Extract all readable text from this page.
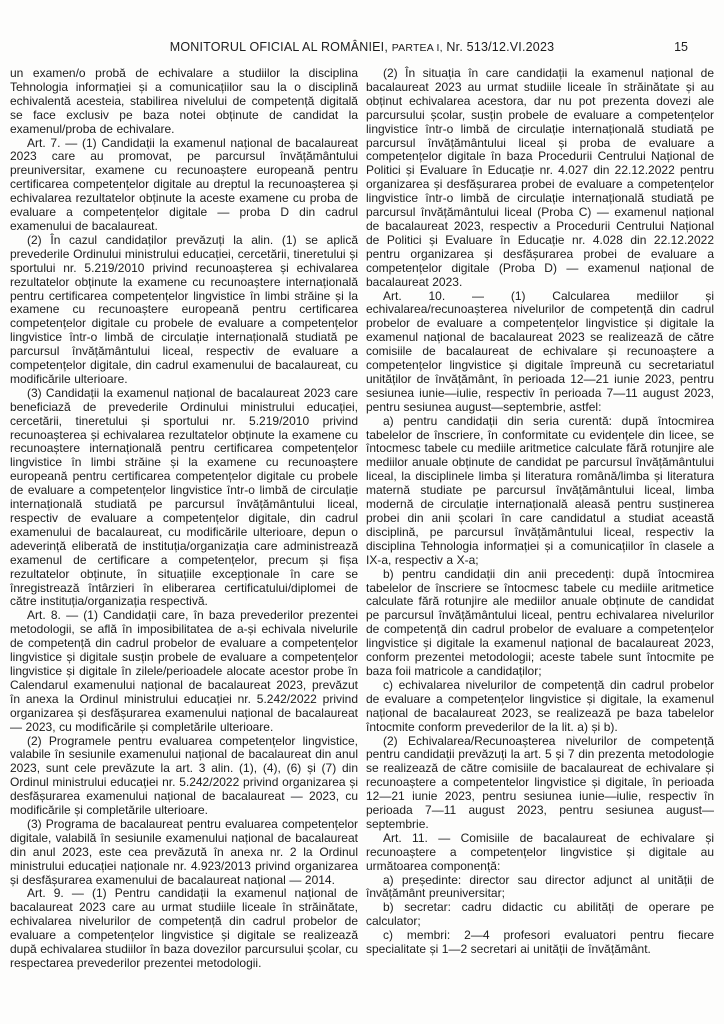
MONITORUL OFICIAL AL ROMÂNIEI, PARTEA I, Nr. 513/12.VI.2023	15

un examen/o probă de echivalare a studiilor la disciplina Tehnologia informației și a comunicațiilor sau la o disciplină echivalentă acesteia, stabilirea nivelului de competență digitală se face exclusiv pe baza notei obținute de candidat la examenul/proba de echivalare.

Art. 7. — (1) Candidații la examenul național de bacalaureat 2023 care au promovat, pe parcursul învățământului preuniversitar, examene cu recunoaștere europeană pentru certificarea competențelor digitale au dreptul la recunoașterea și echivalarea rezultatelor obținute la aceste examene cu proba de evaluare a competențelor digitale — proba D din cadrul examenului de bacalaureat.

(2) În cazul candidaților prevăzuți la alin. (1) se aplică prevederile Ordinului ministrului educației, cercetării, tineretului și sportului nr. 5.219/2010 privind recunoașterea și echivalarea rezultatelor obținute la examene cu recunoaștere internațională pentru certificarea competențelor lingvistice în limbi străine și la examene cu recunoaștere europeană pentru certificarea competențelor digitale cu probele de evaluare a competențelor lingvistice într-o limbă de circulație internațională studiată pe parcursul învățământului liceal, respectiv de evaluare a competențelor digitale, din cadrul examenului de bacalaureat, cu modificările ulterioare.

(3) Candidații la examenul național de bacalaureat 2023 care beneficiază de prevederile Ordinului ministrului educației, cercetării, tineretului și sportului nr. 5.219/2010 privind recunoașterea și echivalarea rezultatelor obținute la examene cu recunoaștere internațională pentru certificarea competențelor lingvistice în limbi străine și la examene cu recunoaștere europeană pentru certificarea competențelor digitale cu probele de evaluare a competențelor lingvistice într-o limbă de circulație internațională studiată pe parcursul învățământului liceal, respectiv de evaluare a competențelor digitale, din cadrul examenului de bacalaureat, cu modificările ulterioare, depun o adeverință eliberată de instituția/organizația care administrează examenul de certificare a competențelor, precum și fișa rezultatelor obținute, în situațiile excepționale în care se înregistrează întârzieri în eliberarea certificatului/diplomei de către instituția/organizația respectivă.

Art. 8. — (1) Candidații care, în baza prevederilor prezentei metodologii, se află în imposibilitatea de a-și echivala nivelurile de competență din cadrul probelor de evaluare a competențelor lingvistice și digitale susțin probele de evaluare a competențelor lingvistice și digitale în zilele/perioadele alocate acestor probe în Calendarul examenului național de bacalaureat 2023, prevăzut în anexa la Ordinul ministrului educației nr. 5.242/2022 privind organizarea și desfășurarea examenului național de bacalaureat — 2023, cu modificările și completările ulterioare.

(2) Programele pentru evaluarea competențelor lingvistice, valabile în sesiunile examenului național de bacalaureat din anul 2023, sunt cele prevăzute la art. 3 alin. (1), (4), (6) și (7) din Ordinul ministrului educației nr. 5.242/2022 privind organizarea și desfășurarea examenului național de bacalaureat — 2023, cu modificările și completările ulterioare.

(3) Programa de bacalaureat pentru evaluarea competențelor digitale, valabilă în sesiunile examenului național de bacalaureat din anul 2023, este cea prevăzută în anexa nr. 2 la Ordinul ministrului educației naționale nr. 4.923/2013 privind organizarea și desfășurarea examenului de bacalaureat național — 2014.

Art. 9. — (1) Pentru candidații la examenul național de bacalaureat 2023 care au urmat studiile liceale în străinătate, echivalarea nivelurilor de competență din cadrul probelor de evaluare a competențelor lingvistice și digitale se realizează după echivalarea studiilor în baza dovezilor parcursului școlar, cu respectarea prevederilor prezentei metodologii.

(2) În situația în care candidații la examenul național de bacalaureat 2023 au urmat studiile liceale în străinătate și au obținut echivalarea acestora, dar nu pot prezenta dovezi ale parcursului școlar, susțin probele de evaluare a competențelor lingvistice într-o limbă de circulație internațională studiată pe parcursul învățământului liceal și proba de evaluare a competențelor digitale în baza Procedurii Centrului Național de Politici și Evaluare în Educație nr. 4.027 din 22.12.2022 pentru organizarea și desfășurarea probei de evaluare a competențelor lingvistice într-o limbă de circulație internațională studiată pe parcursul învățământului liceal (Proba C) — examenul național de bacalaureat 2023, respectiv a Procedurii Centrului Național de Politici și Evaluare în Educație nr. 4.028 din 22.12.2022 pentru organizarea și desfășurarea probei de evaluare a competențelor digitale (Proba D) — examenul național de bacalaureat 2023.

Art. 10. — (1) Calcularea mediilor și echivalarea/recunoașterea nivelurilor de competență din cadrul probelor de evaluare a competențelor lingvistice și digitale la examenul național de bacalaureat 2023 se realizează de către comisiile de bacalaureat de echivalare și recunoaștere a competențelor lingvistice și digitale împreună cu secretariatul unităților de învățământ, în perioada 12—21 iunie 2023, pentru sesiunea iunie—iulie, respectiv în perioada 7—11 august 2023, pentru sesiunea august—septembrie, astfel:

a) pentru candidații din seria curentă: după întocmirea tabelelor de înscriere, în conformitate cu evidențele din licee, se întocmesc tabele cu mediile aritmetice calculate fără rotunjire ale mediilor anuale obținute de candidat pe parcursul învățământului liceal, la disciplinele limba și literatura română/limba și literatura maternă studiate pe parcursul învățământului liceal, limba modernă de circulație internațională aleasă pentru susținerea probei din anii școlari în care candidatul a studiat această disciplină, pe parcursul învățământului liceal, respectiv la disciplina Tehnologia informației și a comunicațiilor în clasele a IX-a, respectiv a X-a;

b) pentru candidații din anii precedenți: după întocmirea tabelelor de înscriere se întocmesc tabele cu mediile aritmetice calculate fără rotunjire ale mediilor anuale obținute de candidat pe parcursul învățământului liceal, pentru echivalarea nivelurilor de competență din cadrul probelor de evaluare a competențelor lingvistice și digitale la examenul național de bacalaureat 2023, conform prezentei metodologii; aceste tabele sunt întocmite pe baza foii matricole a candidaților;

c) echivalarea nivelurilor de competență din cadrul probelor de evaluare a competențelor lingvistice și digitale, la examenul național de bacalaureat 2023, se realizează pe baza tabelelor întocmite conform prevederilor de la lit. a) și b).

(2) Echivalarea/Recunoașterea nivelurilor de competență pentru candidații prevăzuți la art. 5 și 7 din prezenta metodologie se realizează de către comisiile de bacalaureat de echivalare și recunoaștere a competentelor lingvistice și digitale, în perioada 12—21 iunie 2023, pentru sesiunea iunie—iulie, respectiv în perioada 7—11 august 2023, pentru sesiunea august—septembrie.

Art. 11. — Comisiile de bacalaureat de echivalare și recunoaștere a competențelor lingvistice și digitale au următoarea componență:

a) președinte: director sau director adjunct al unității de învățământ preuniversitar;

b) secretar: cadru didactic cu abilități de operare pe calculator;

c) membri: 2—4 profesori evaluatori pentru fiecare specialitate și 1—2 secretari ai unității de învățământ.
